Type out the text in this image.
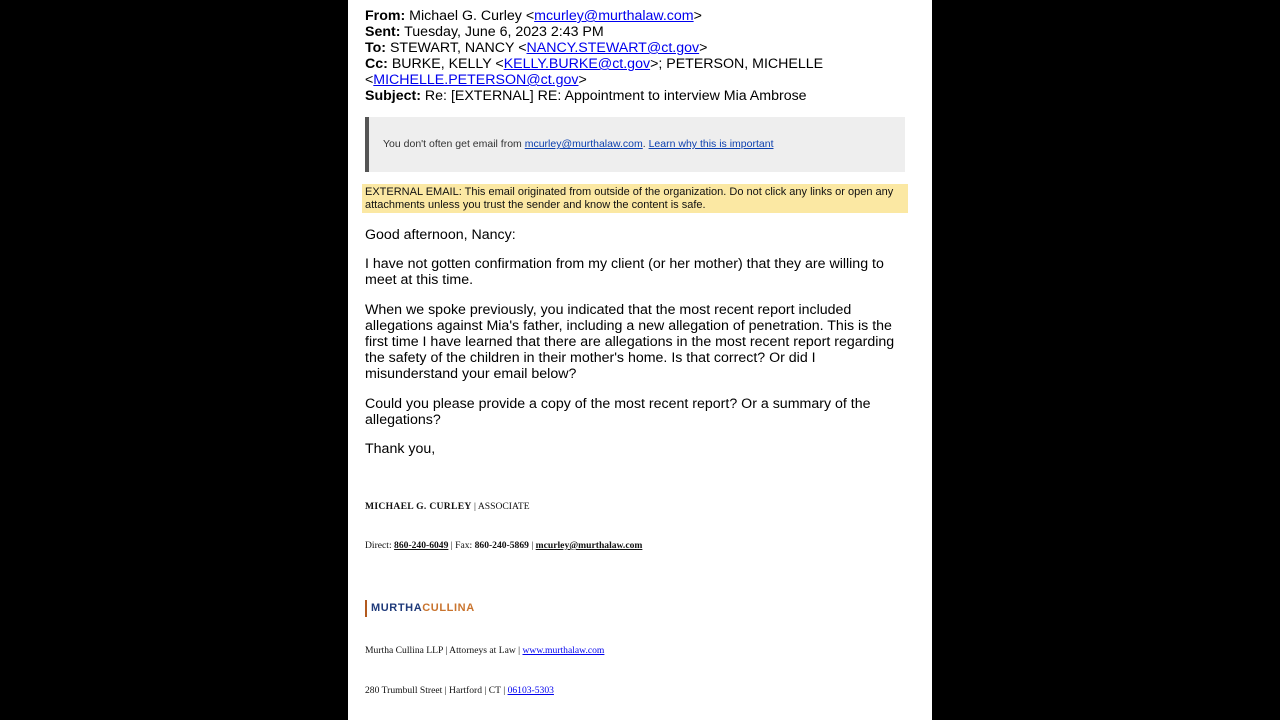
From: Michael G. Curley <mcurley@murthalaw.com>
Sent: Tuesday, June 6, 2023 2:43 PM
To: STEWART, NANCY <NANCY.STEWART@ct.gov>
Cc: BURKE, KELLY <KELLY.BURKE@ct.gov>; PETERSON, MICHELLE
<MICHELLE.PETERSON@ct.gov>
Subject: Re: [EXTERNAL] RE: Appointment to interview Mia Ambrose
You don't often get email from mcurley@murthalaw.com. Learn why this is important
EXTERNAL EMAIL: This email originated from outside of the organization. Do not click any links or open any attachments unless you trust the sender and know the content is safe.
Good afternoon, Nancy:
I have not gotten confirmation from my client (or her mother) that they are willing to meet at this time.
When we spoke previously, you indicated that the most recent report included allegations against Mia's father, including a new allegation of penetration. This is the first time I have learned that there are allegations in the most recent report regarding the safety of the children in their mother's home. Is that correct? Or did I misunderstand your email below?
Could you please provide a copy of the most recent report? Or a summary of the allegations?
Thank you,
MICHAEL G. CURLEY | ASSOCIATE
Direct: 860-240-6049 | Fax: 860-240-5869 | mcurley@murthalaw.com
MURTHACULLINA
Murtha Cullina LLP | Attorneys at Law | www.murthalaw.com
280 Trumbull Street | Hartford | CT | 06103-5303
